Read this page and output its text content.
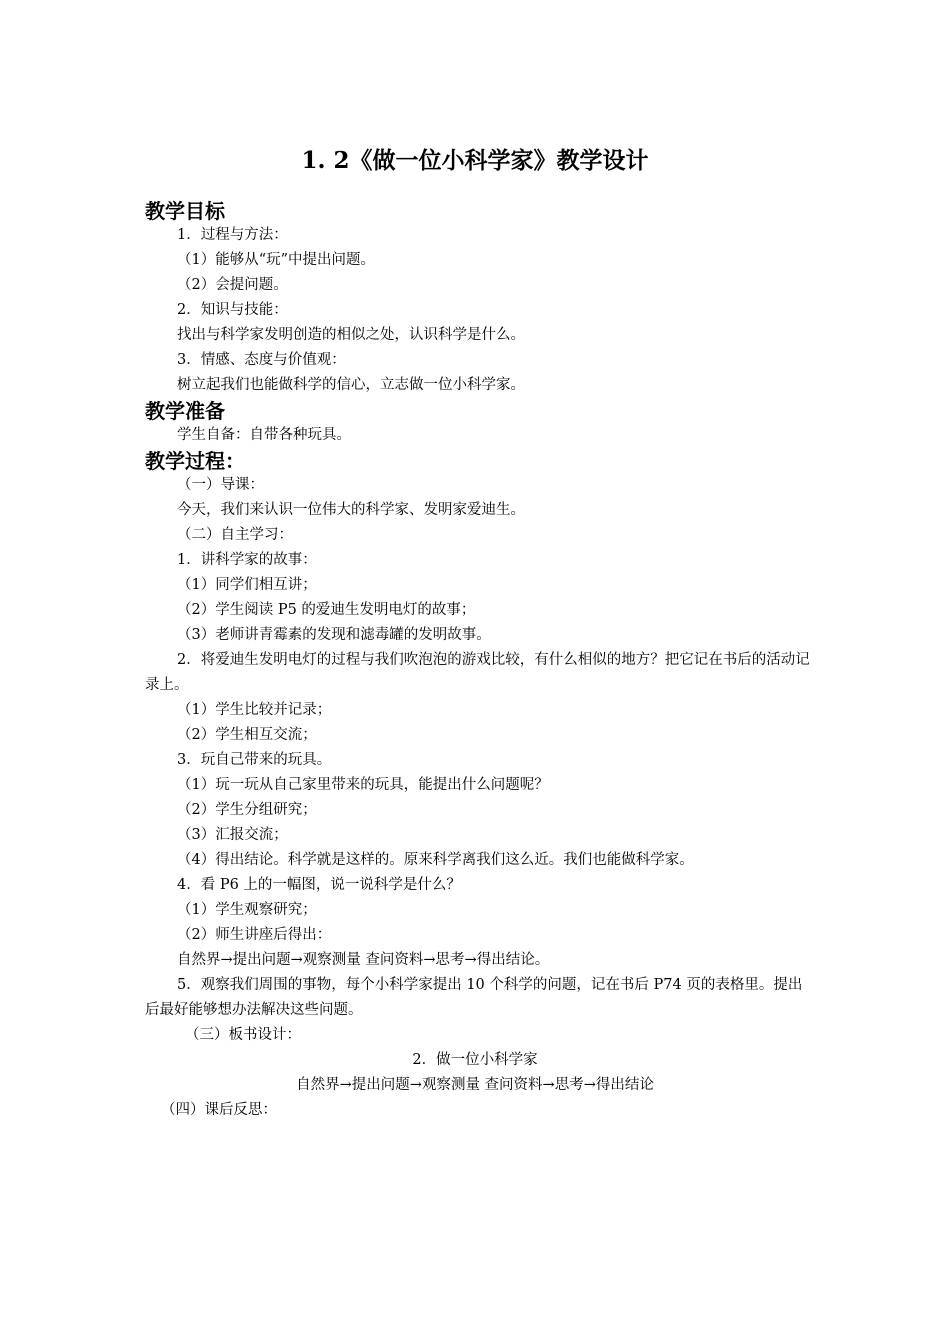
1. 2《做一位小科学家》教学设计
教学目标
1．过程与方法：
（1）能够从“玩”中提出问题。
（2）会提问题。
2．知识与技能：
找出与科学家发明创造的相似之处，认识科学是什么。
3．情感、态度与价值观：
树立起我们也能做科学的信心，立志做一位小科学家。
教学准备
学生自备：自带各种玩具。
教学过程：
（一）导课：
今天，我们来认识一位伟大的科学家、发明家爱迪生。
（二）自主学习：
1．讲科学家的故事：
（1）同学们相互讲；
（2）学生阅读 P5 的爱迪生发明电灯的故事；
（3）老师讲青霉素的发现和滤毒罐的发明故事。
2．将爱迪生发明电灯的过程与我们吹泡泡的游戏比较，有什么相似的地方？把它记在书后的活动记录上。
（1）学生比较并记录；
（2）学生相互交流；
3．玩自己带来的玩具。
（1）玩一玩从自己家里带来的玩具，能提出什么问题呢？
（2）学生分组研究；
（3）汇报交流；
（4）得出结论。科学就是这样的。原来科学离我们这么近。我们也能做科学家。
4．看 P6 上的一幅图，说一说科学是什么？
（1）学生观察研究；
（2）师生讲座后得出：
自然界→提出问题→观察测量 查问资料→思考→得出结论。
5．观察我们周围的事物，每个小科学家提出 10 个科学的问题，记在书后 P74 页的表格里。提出后最好能够想办法解决这些问题。
（三）板书设计：
2．做一位小科学家
自然界→提出问题→观察测量 查问资料→思考→得出结论
（四）课后反思：
